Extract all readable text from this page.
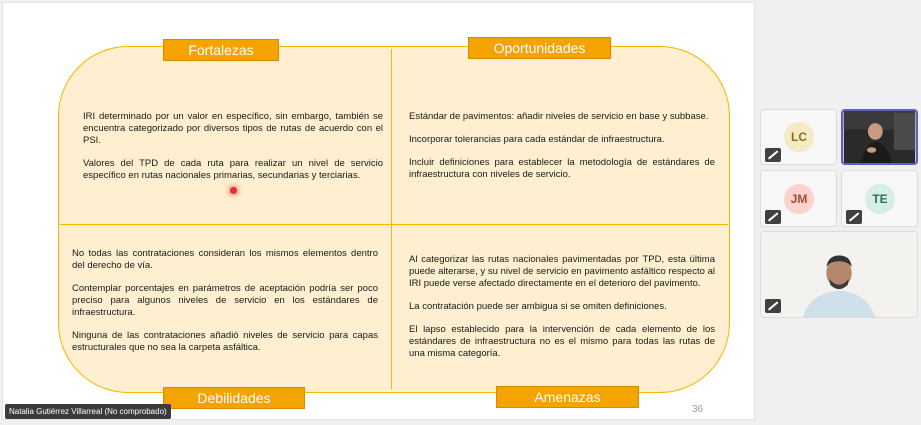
Fortalezas	Oportunidades
Debilidades	Amenazas

IRI determinado por un valor en específico, sin embargo, también se encuentra categorizado por diversos tipos de rutas de acuerdo con el PSI.

Valores del TPD de cada ruta para realizar un nivel de servicio específico en rutas nacionales primarias, secundarias y terciarias.

Estándar de pavimentos: añadir niveles de servicio en base y subbase.

Incorporar tolerancias para cada estándar de infraestructura.

Incluir definiciones para establecer la metodología de estándares de infraestructura con niveles de servicio.

No todas las contrataciones consideran los mismos elementos dentro del derecho de vía.

Contemplar porcentajes en parámetros de aceptación podría ser poco preciso para algunos niveles de servicio en los estándares de infraestructura.

Ninguna de las contrataciones añadió niveles de servicio para capas estructurales que no sea la carpeta asfáltica.

Al categorizar las rutas nacionales pavimentadas por TPD, esta última puede alterarse, y su nivel de servicio en pavimento asfáltico respecto al IRI puede verse afectado directamente en el deterioro del pavimento.

La contratación puede ser ambigua si se omiten definiciones.

El lapso establecido para la intervención de cada elemento de los estándares de infraestructura no es el mismo para todas las rutas de una misma categoría.

36
Natalia Gutiérrez Villarreal (No comprobado)
LC
JM	TE
